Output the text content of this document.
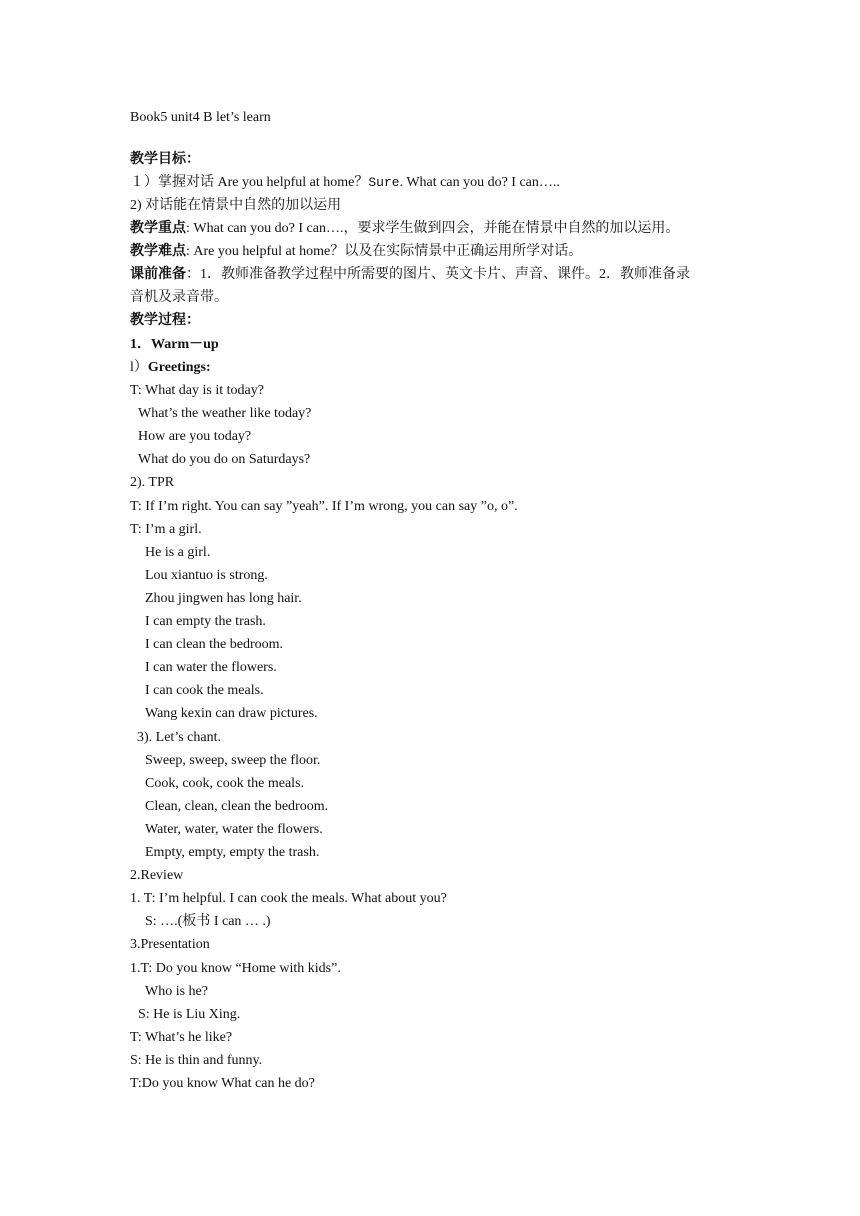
Book5 unit4 B let’s learn
教学目标：
１）掌握对话 Are you helpful at home？Sure. What can you do? I can…..
2) 对话能在情景中自然的加以运用
教学重点: What can you do? I can….，要求学生做到四会，并能在情景中自然的加以运用。
教学难点: Are you helpful at home？以及在实际情景中正确运用所学对话。
课前准备：1．教师准备教学过程中所需要的图片、英文卡片、声音、课件。2．教师准备录
音机及录音带。
教学过程：
1．Warm－up
l）Greetings:
T: What day is it today?
What’s the weather like today?
How are you today?
What do you do on Saturdays?
2). TPR
T: If I’m right. You can say ”yeah”. If I’m wrong, you can say ”o, o”.
T: I’m a girl.
He is a girl.
Lou xiantuo is strong.
Zhou jingwen has long hair.
I can empty the trash.
I can clean the bedroom.
I can water the flowers.
I can cook the meals.
Wang kexin can draw pictures.
3). Let’s chant.
Sweep, sweep, sweep the floor.
Cook, cook, cook the meals.
Clean, clean, clean the bedroom.
Water, water, water the flowers.
Empty, empty, empty the trash.
2.Review
1. T: I’m helpful. I can cook the meals. What about you?
S: ….(板书 I can … .)
3.Presentation
1.T: Do you know “Home with kids”.
Who is he?
S: He is Liu Xing.
T: What’s he like?
S: He is thin and funny.
T:Do you know What can he do?
